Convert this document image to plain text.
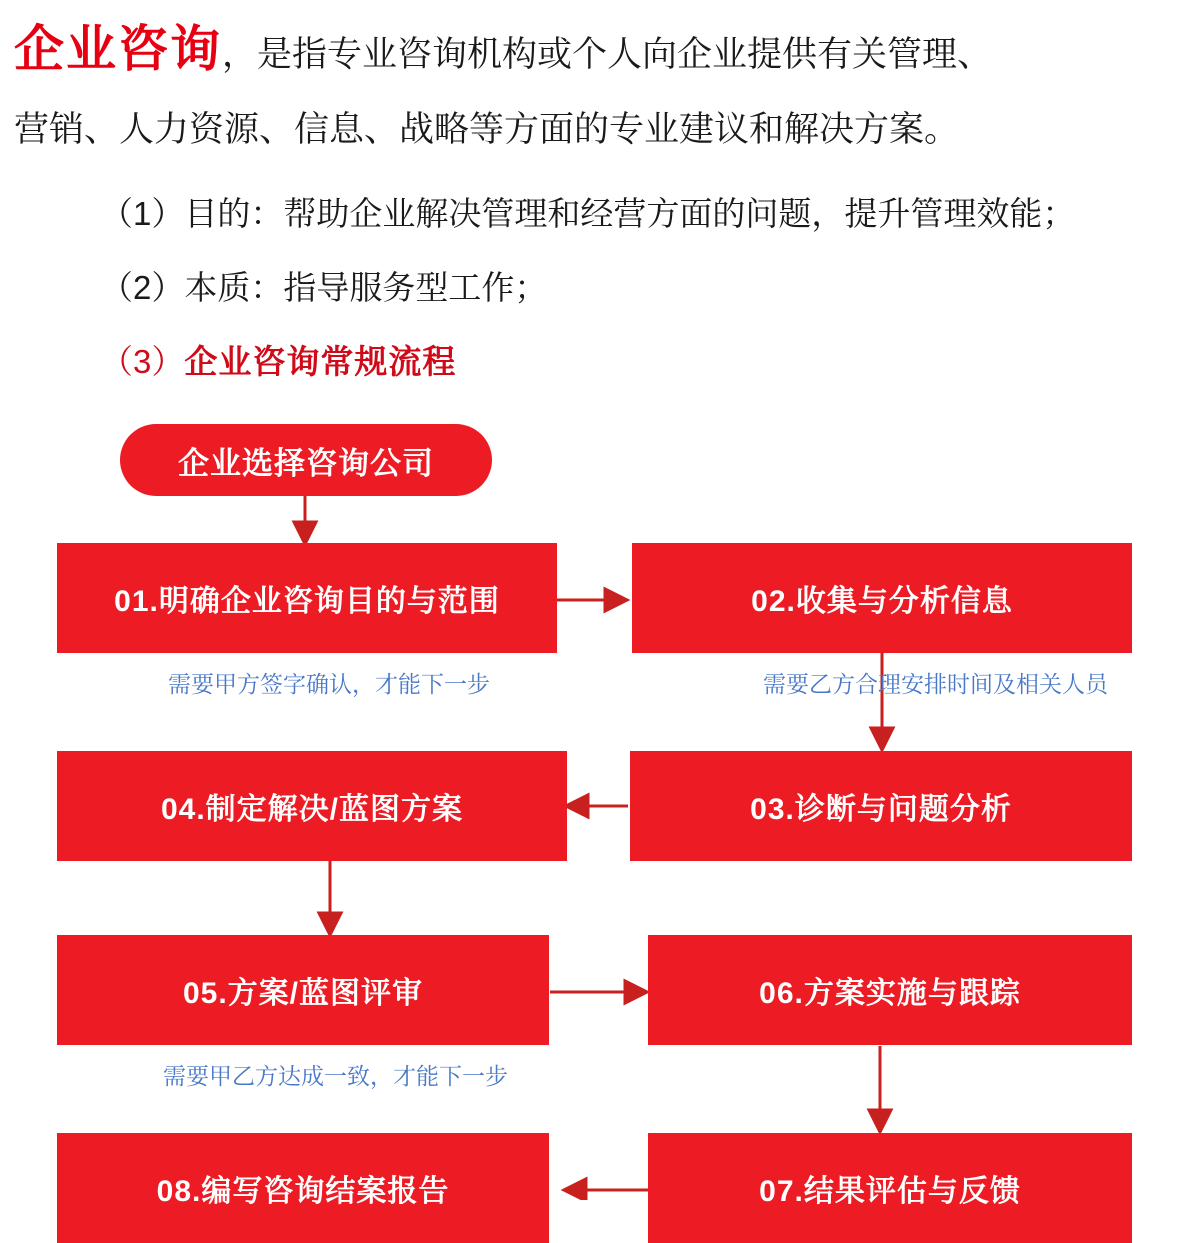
企业咨询，是指专业咨询机构或个人向企业提供有关管理、
营销、人力资源、信息、战略等方面的专业建议和解决方案。
（1）目的：帮助企业解决管理和经营方面的问题，提升管理效能；
（2）本质：指导服务型工作；
（3）企业咨询常规流程
企业选择咨询公司
01.明确企业咨询目的与范围	02.收集与分析信息
需要甲方签字确认，才能下一步	需要乙方合理安排时间及相关人员
04.制定解决/蓝图方案	03.诊断与问题分析
05.方案/蓝图评审	06.方案实施与跟踪
需要甲乙方达成一致，才能下一步
08.编写咨询结案报告	07.结果评估与反馈
